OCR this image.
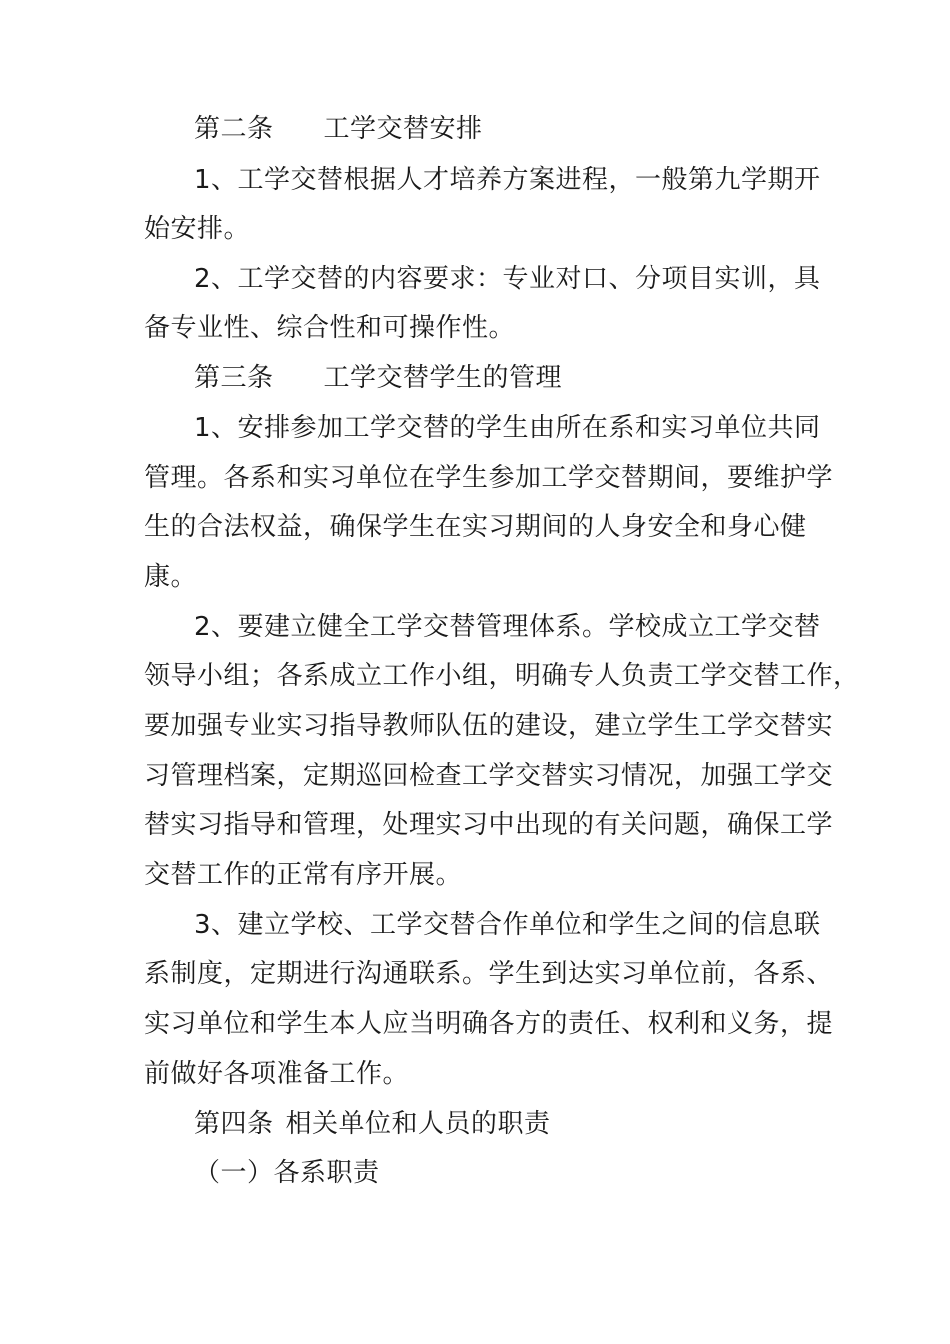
第二条 工学交替安排
1、工学交替根据人才培养方案进程，一般第九学期开
始安排。
2、工学交替的内容要求：专业对口、分项目实训，具
备专业性、综合性和可操作性。
第三条 工学交替学生的管理
1、安排参加工学交替的学生由所在系和实习单位共同
管理。各系和实习单位在学生参加工学交替期间，要维护学
生的合法权益，确保学生在实习期间的人身安全和身心健
康。
2、要建立健全工学交替管理体系。学校成立工学交替
领导小组；各系成立工作小组，明确专人负责工学交替工作，
要加强专业实习指导教师队伍的建设，建立学生工学交替实
习管理档案，定期巡回检查工学交替实习情况，加强工学交
替实习指导和管理，处理实习中出现的有关问题，确保工学
交替工作的正常有序开展。
3、建立学校、工学交替合作单位和学生之间的信息联
系制度，定期进行沟通联系。学生到达实习单位前，各系、
实习单位和学生本人应当明确各方的责任、权利和义务，提
前做好各项准备工作。
第四条 相关单位和人员的职责
（一）各系职责
